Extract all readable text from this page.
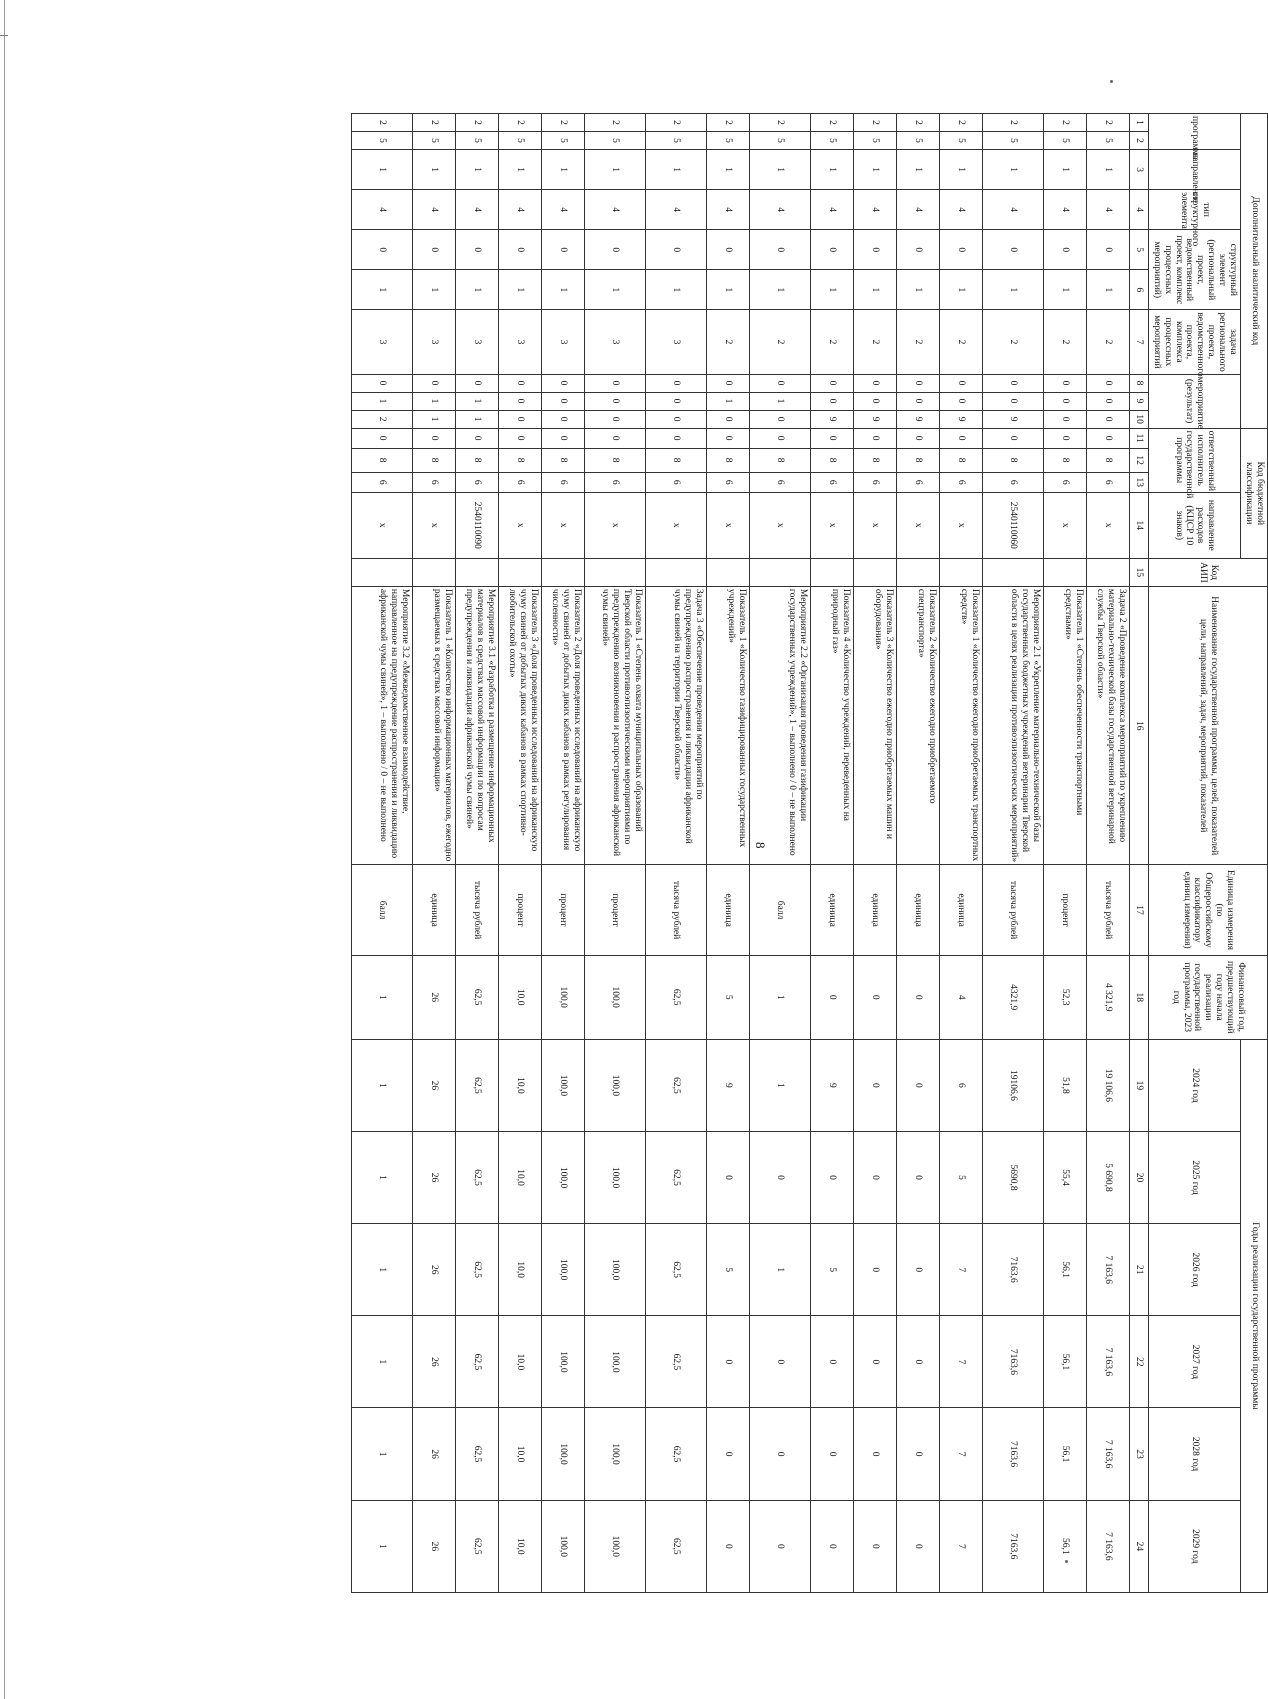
8
Дополнительный аналитический код										Код бюджетной классификации				Код АИП	Наименование государственной программы, целей, показателей цели, направлений, задач, мероприятий, показателей	Единица измерения (по Общероссийскому классификатору единиц измерения)	Финансовый год, предшествующий году начала реализации государственной программы, 2023 год	Годы реализации государственной программы					
программа		направление	тип структурного элемента	структурный элемент (региональный проект, ведомственный проект, комплекс процессных мероприятий)		задача регионального проекта, ведомственного проекта, комплекса процессных мероприятий	мероприятие (результат)			ответственный исполнитель государственной программы			направление расходов (КЦСР 10 знаков)					2024 год	2025 год	2026 год	2027 год	2028 год	2029 год
1	2	3	4	5	6	7	8	9	10	11	12	13	14	15	16	17	18	19	20	21	22	23	24
2	5	1	4	0	1	2	0	0	0	0	8	6	х		Задача 2 «Проведение комплекса мероприятий по укреплению материально-технической базы государственной ветеринарной службы Тверской области»	тысяча рублей	4 321,9	19 106,6	5 690,8	7 163,6	7 163,6	7 163,6	7 163,6
2	5	1	4	0	1	2	0	0	0	0	8	6	х		Показатель 1 «Степень обеспеченности транспортными средствами»	процент	52,3	51,8	55,4	56,1	56,1	56,1	56,1
2	5	1	4	0	1	2	0	0	9	0	8	6	2540110060		Мероприятие 2.1 «Укрепление материально-технической базы государственных бюджетных учреждений ветеринарии Тверской области в целях реализации противоэпизоотических мероприятий»	тысяча рублей	4321,9	19106,6	5690,8	7163,6	7163,6	7163,6	7163,6
2	5	1	4	0	1	2	0	0	9	0	8	6	х		Показатель 1 «Количество ежегодно приобретаемых транспортных средств»	единица	4	6	5	7	7	7	7
2	5	1	4	0	1	2	0	0	9	0	8	6	х		Показатель 2 «Количество ежегодно приобретаемого спецтранспорта»	единица	0	0	0	0	0	0	0
2	5	1	4	0	1	2	0	0	9	0	8	6	х		Показатель 3 «Количество ежегодно приобретаемых машин и оборудования»	единица	0	0	0	0	0	0	0
2	5	1	4	0	1	2	0	0	9	0	8	6	х		Показатель 4 «Количество учреждений, переведенных на природный газ»	единица	0	9	0	5	0	0	0
2	5	1	4	0	1	2	0	1	0	0	8	6	х		Мероприятие 2.2 «Организация проведения газификации государственных учреждений», 1 – выполнено / 0 – не выполнено	балл	1	1	0	1	0	0	0
2	5	1	4	0	1	2	0	1	0	0	8	6	х		Показатель 1 «Количество газифицированных государственных учреждений»	единица	5	9	0	5	0	0	0
2	5	1	4	0	1	3	0	0	0	0	8	6	х		Задача 3 «Обеспечение проведения мероприятий по предупреждению распространения и ликвидации африканской чумы свиней на территории Тверской области»	тысяча рублей	62,5	62,5	62,5	62,5	62,5	62,5	62,5
2	5	1	4	0	1	3	0	0	0	0	8	6	х		Показатель 1 «Степень охвата муниципальных образований Тверской области противоэпизоотическими мероприятиями по предупреждению возникновения и распространения африканской чумы свиней»	процент	100,0	100,0	100,0	100,0	100,0	100,0	100,0
2	5	1	4	0	1	3	0	0	0	0	8	6	х		Показатель 2 «Доля проведенных исследований на африканскую чуму свиней от добытых диких кабанов в рамках регулирования численности»	процент	100,0	100,0	100,0	100,0	100,0	100,0	100,0
2	5	1	4	0	1	3	0	0	0	0	8	6	х		Показатель 3 «Доля проведенных исследований на африканскую чуму свиней от добытых диких кабанов в рамках спортивно-любительской охоты»	процент	10,0	10,0	10,0	10,0	10,0	10,0	10,0
2	5	1	4	0	1	3	0	1	1	0	8	6	2540110090		Мероприятие 3.1 «Разработка и размещение информационных материалов в средствах массовой информации по вопросам предупреждения и ликвидации африканской чумы свиней»	тысяча рублей	62,5	62,5	62,5	62,5	62,5	62,5	62,5
2	5	1	4	0	1	3	0	1	1	0	8	6	х		Показатель 1 «Количество информационных материалов, ежегодно размещаемых в средствах массовой информации»	единица	26	26	26	26	26	26	26
2	5	1	4	0	1	3	0	1	2	0	8	6	х		Мероприятие 3.2 «Межведомственное взаимодействие, направленное на предупреждение распространения и ликвидацию африканской чумы свиней», 1 – выполнено / 0 – не выполнено	балл	1	1	1	1	1	1	1
